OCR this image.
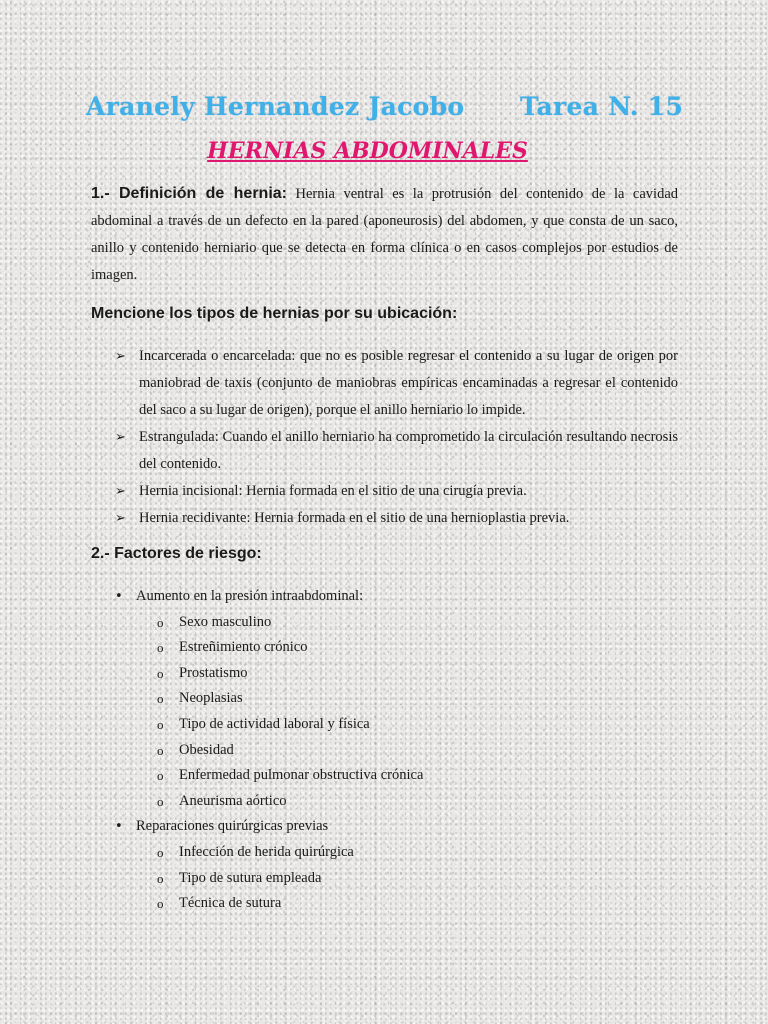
Aranely Hernandez Jacobo Tarea N. 15
HERNIAS ABDOMINALES
1.- Definición de hernia: Hernia ventral es la protrusión del contenido de la cavidad abdominal a través de un defecto en la pared (aponeurosis) del abdomen, y que consta de un saco, anillo y contenido herniario que se detecta en forma clínica o en casos complejos por estudios de imagen.
Mencione los tipos de hernias por su ubicación:
➢ Incarcerada o encarcelada: que no es posible regresar el contenido a su lugar de origen por maniobrad de taxis (conjunto de maniobras empíricas encaminadas a regresar el contenido del saco a su lugar de origen), porque el anillo herniario lo impide.
➢ Estrangulada: Cuando el anillo herniario ha comprometido la circulación resultando necrosis del contenido.
➢ Hernia incisional: Hernia formada en el sitio de una cirugía previa.
➢ Hernia recidivante: Hernia formada en el sitio de una hernioplastia previa.
2.- Factores de riesgo:
• Aumento en la presión intraabdominal:
o Sexo masculino
o Estreñimiento crónico
o Prostatismo
o Neoplasias
o Tipo de actividad laboral y física
o Obesidad
o Enfermedad pulmonar obstructiva crónica
o Aneurisma aórtico
• Reparaciones quirúrgicas previas
o Infección de herida quirúrgica
o Tipo de sutura empleada
o Técnica de sutura
